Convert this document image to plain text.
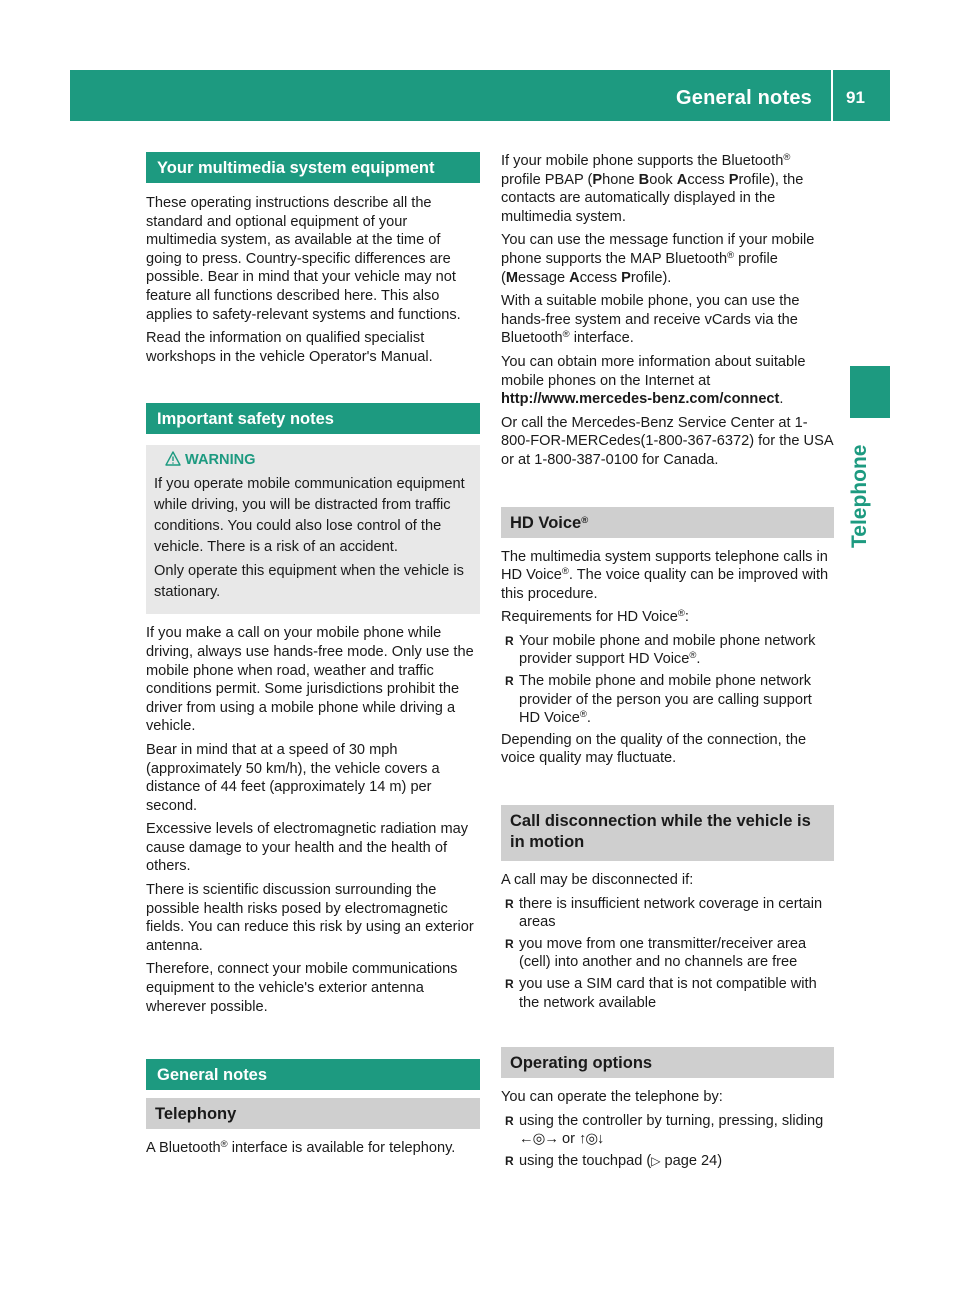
General notes 91
Telephone
Your multimedia system equipment

These operating instructions describe all the standard and optional equipment of your multimedia system, as available at the time of going to press. Country-specific differences are possible. Bear in mind that your vehicle may not feature all functions described here. This also applies to safety-relevant systems and functions.

Read the information on qualified specialist workshops in the vehicle Operator's Manual.

Important safety notes
WARNING

If you operate mobile communication equipment while driving, you will be distracted from traffic conditions. You could also lose control of the vehicle. There is a risk of an accident.

Only operate this equipment when the vehicle is stationary.

If you make a call on your mobile phone while driving, always use hands-free mode. Only use the mobile phone when road, weather and traffic conditions permit. Some jurisdictions prohibit the driver from using a mobile phone while driving a vehicle.

Bear in mind that at a speed of 30 mph (approximately 50 km/h), the vehicle covers a distance of 44 feet (approximately 14 m) per second.

Excessive levels of electromagnetic radiation may cause damage to your health and the health of others.

There is scientific discussion surrounding the possible health risks posed by electromagnetic fields. You can reduce this risk by using an exterior antenna.

Therefore, connect your mobile communications equipment to the vehicle's exterior antenna wherever possible.

General notes
Telephony

A Bluetooth® interface is available for telephony.

If your mobile phone supports the Bluetooth® profile PBAP (Phone Book Access Profile), the contacts are automatically displayed in the multimedia system.

You can use the message function if your mobile phone supports the MAP Bluetooth® profile (Message Access Profile).

With a suitable mobile phone, you can use the hands-free system and receive vCards via the Bluetooth® interface.

You can obtain more information about suitable mobile phones on the Internet at http://www.mercedes-benz.com/connect.

Or call the Mercedes-Benz Service Center at 1-800-FOR-MERCedes(1-800-367-6372) for the USA or at 1-800-387-0100 for Canada.

HD Voice®

The multimedia system supports telephone calls in HD Voice®. The voice quality can be improved with this procedure.

Requirements for HD Voice®:

R Your mobile phone and mobile phone network provider support HD Voice®.
R The mobile phone and mobile phone network provider of the person you are calling support HD Voice®.

Depending on the quality of the connection, the voice quality may fluctuate.

Call disconnection while the vehicle is in motion

A call may be disconnected if:

R there is insufficient network coverage in certain areas
R you move from one transmitter/receiver area (cell) into another and no channels are free
R you use a SIM card that is not compatible with the network available
Operating options

You can operate the telephone by:

R using the controller by turning, pressing, sliding ←◎→ or ↑◎↓
R using the touchpad (▷ page 24)
